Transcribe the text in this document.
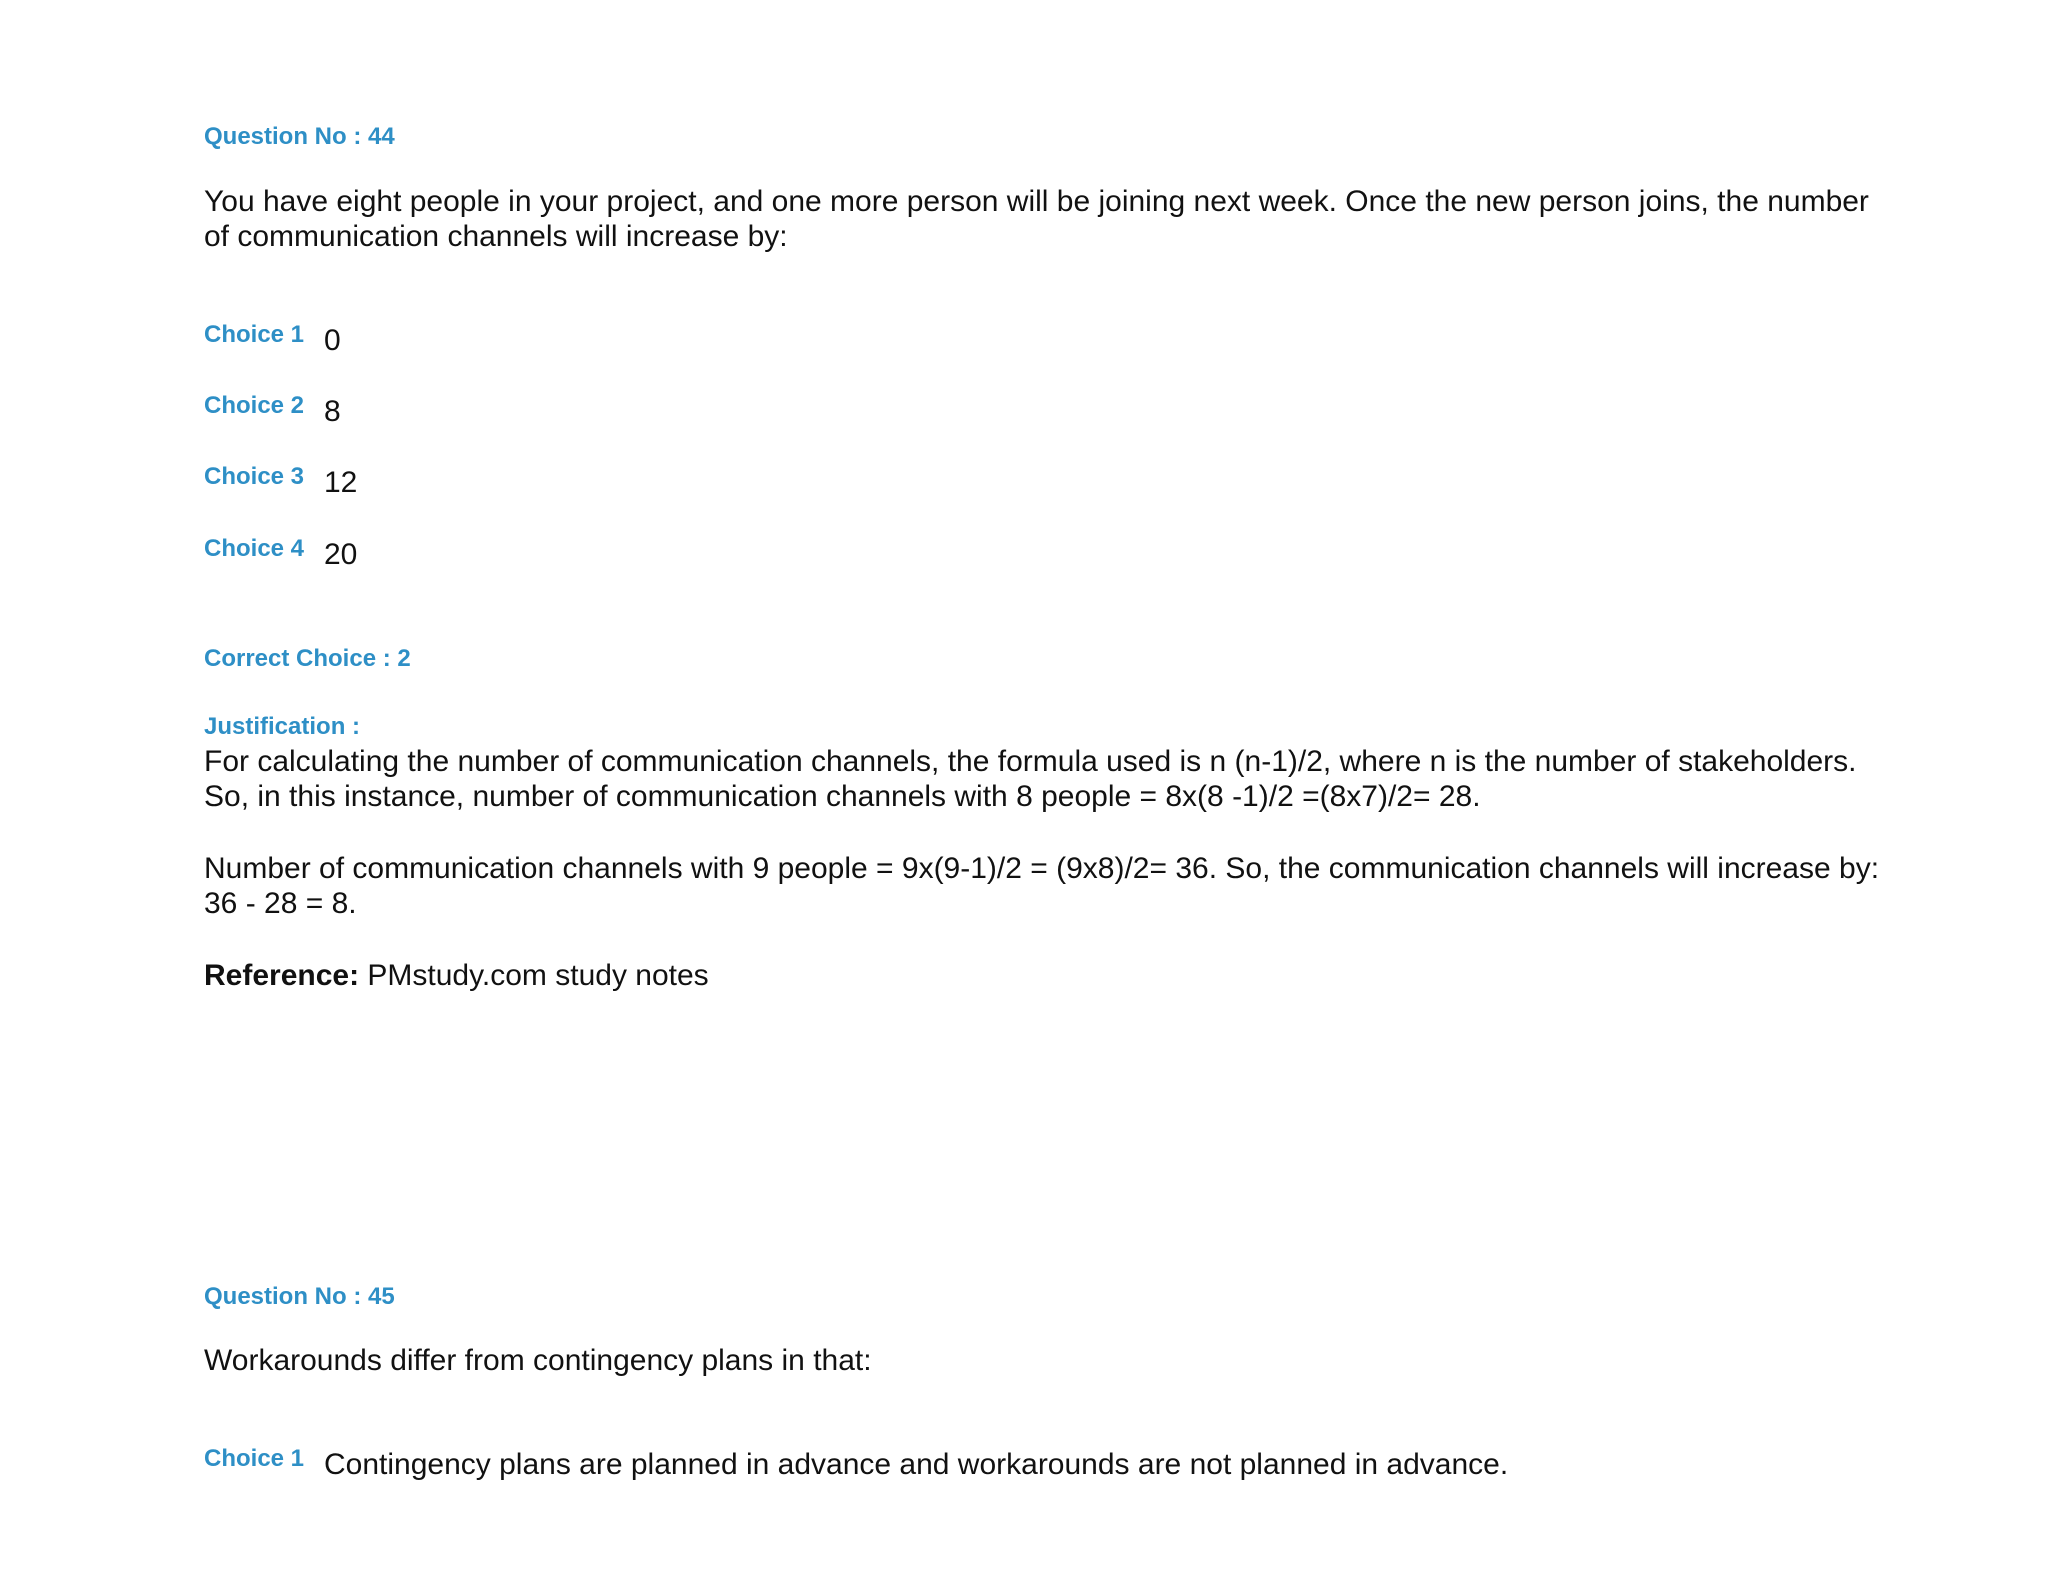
Question No : 44
You have eight people in your project, and one more person will be joining next week. Once the new person joins, the number of communication channels will increase by:
Choice 1 0
Choice 2 8
Choice 3 12
Choice 4 20
Correct Choice : 2
Justification :
For calculating the number of communication channels, the formula used is n (n-1)/2, where n is the number of stakeholders. So, in this instance, number of communication channels with 8 people = 8x(8 -1)/2 =(8x7)/2= 28.
Number of communication channels with 9 people = 9x(9-1)/2 = (9x8)/2= 36. So, the communication channels will increase by: 36 - 28 = 8.
Reference: PMstudy.com study notes
Question No : 45
Workarounds differ from contingency plans in that:
Choice 1 Contingency plans are planned in advance and workarounds are not planned in advance.
